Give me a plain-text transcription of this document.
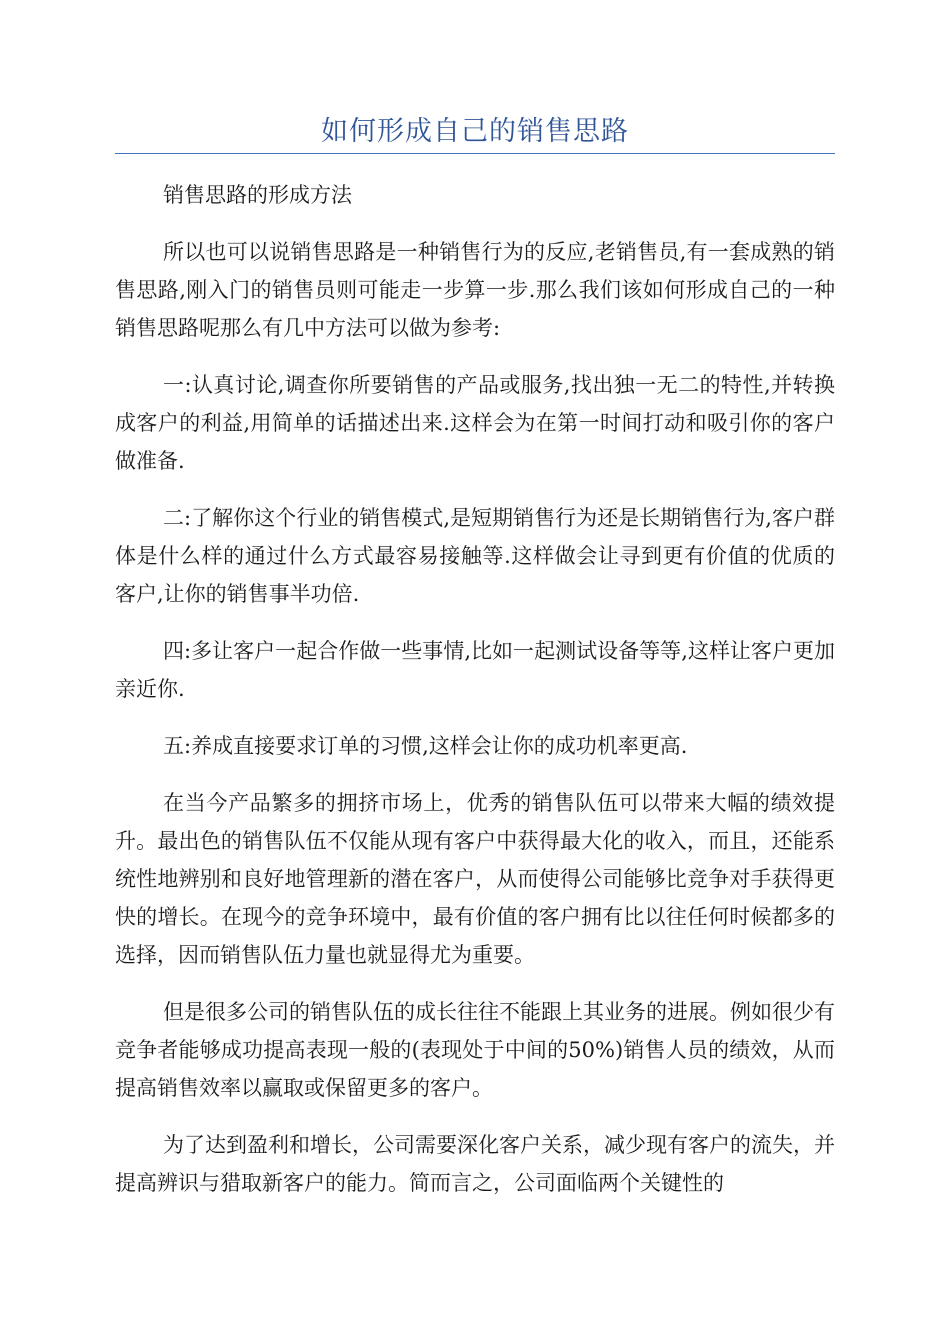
如何形成自己的销售思路

销售思路的形成方法

所以也可以说销售思路是一种销售行为的反应,老销售员,有一套成熟的销售思路,刚入门的销售员则可能走一步算一步.那么我们该如何形成自己的一种销售思路呢那么有几中方法可以做为参考:

一:认真讨论,调查你所要销售的产品或服务,找出独一无二的特性,并转换成客户的利益,用简单的话描述出来.这样会为在第一时间打动和吸引你的客户做准备.

二:了解你这个行业的销售模式,是短期销售行为还是长期销售行为,客户群体是什么样的通过什么方式最容易接触等.这样做会让寻到更有价值的优质的客户,让你的销售事半功倍.

四:多让客户一起合作做一些事情,比如一起测试设备等等,这样让客户更加亲近你.

五:养成直接要求订单的习惯,这样会让你的成功机率更高.

在当今产品繁多的拥挤市场上，优秀的销售队伍可以带来大幅的绩效提升。最出色的销售队伍不仅能从现有客户中获得最大化的收入，而且，还能系统性地辨别和良好地管理新的潜在客户，从而使得公司能够比竞争对手获得更快的增长。在现今的竞争环境中，最有价值的客户拥有比以往任何时候都多的选择，因而销售队伍力量也就显得尤为重要。

但是很多公司的销售队伍的成长往往不能跟上其业务的进展。例如很少有竞争者能够成功提高表现一般的(表现处于中间的50%)销售人员的绩效，从而提高销售效率以赢取或保留更多的客户。

为了达到盈利和增长，公司需要深化客户关系，减少现有客户的流失，并提高辨识与猎取新客户的能力。简而言之，公司面临两个关键性的
